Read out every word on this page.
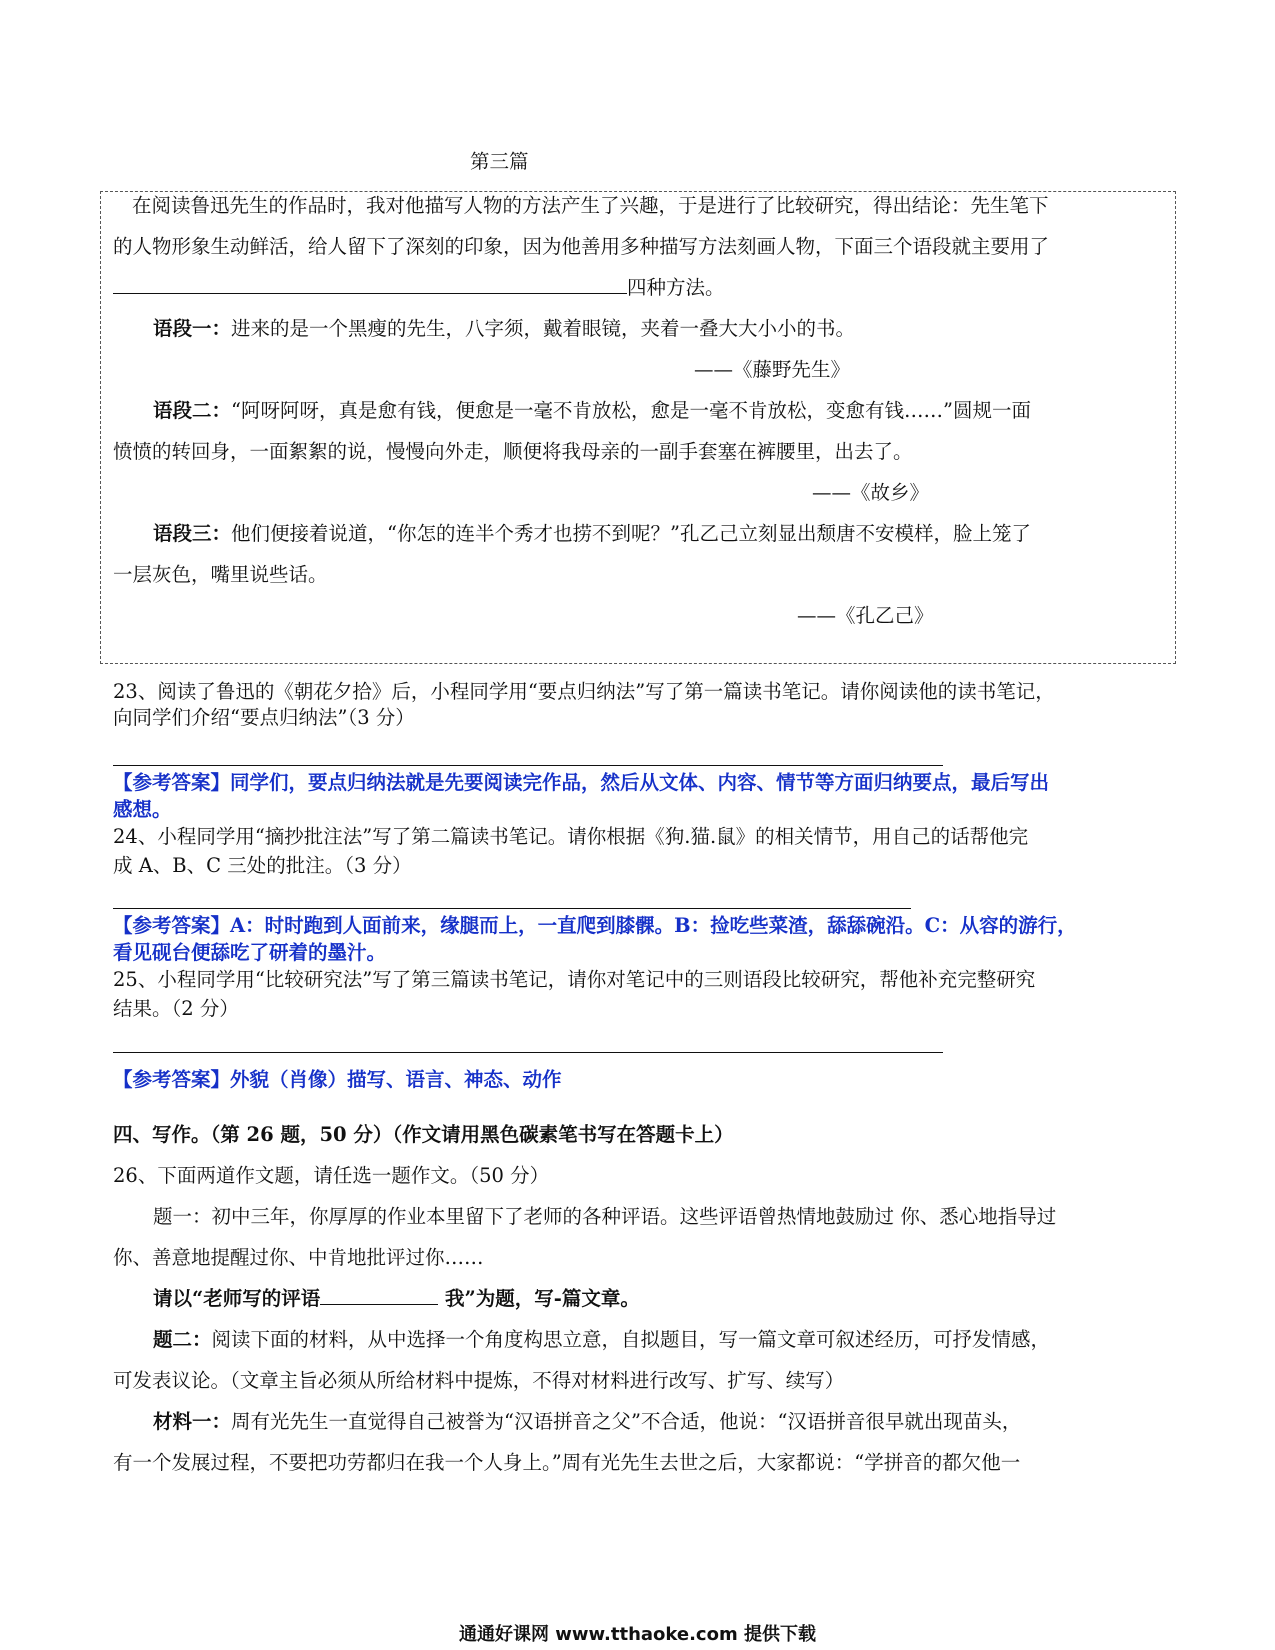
第三篇
在阅读鲁迅先生的作品时，我对他描写人物的方法产生了兴趣，于是进行了比较研究，得出结论：先生笔下
的人物形象生动鲜活，给人留下了深刻的印象，因为他善用多种描写方法刻画人物，下面三个语段就主要用了
四种方法。
语段一：进来的是一个黑瘦的先生，八字须，戴着眼镜，夹着一叠大大小小的书。
——《藤野先生》
语段二：“阿呀阿呀，真是愈有钱，便愈是一毫不肯放松，愈是一毫不肯放松，变愈有钱……”圆规一面
愤愤的转回身，一面絮絮的说，慢慢向外走，顺便将我母亲的一副手套塞在裤腰里，出去了。
——《故乡》
语段三：他们便接着说道，“你怎的连半个秀才也捞不到呢？”孔乙己立刻显出颓唐不安模样，脸上笼了
一层灰色，嘴里说些话。
——《孔乙己》
23、阅读了鲁迅的《朝花夕拾》后，小程同学用“要点归纳法”写了第一篇读书笔记。请你阅读他的读书笔记，
向同学们介绍“要点归纳法”（3 分）
【参考答案】同学们，要点归纳法就是先要阅读完作品，然后从文体、内容、情节等方面归纳要点，最后写出
感想。
24、小程同学用“摘抄批注法”写了第二篇读书笔记。请你根据《狗.猫.鼠》的相关情节，用自己的话帮他完
成 A、B、C 三处的批注。（3 分）
【参考答案】A：时时跑到人面前来，缘腿而上，一直爬到膝髁。B：捡吃些菜渣，舔舔碗沿。C：从容的游行，
看见砚台便舔吃了研着的墨汁。
25、小程同学用“比较研究法”写了第三篇读书笔记，请你对笔记中的三则语段比较研究，帮他补充完整研究
结果。（2 分）
【参考答案】外貌（肖像）描写、语言、神态、动作
四、写作。（第 26 题，50 分）（作文请用黑色碳素笔书写在答题卡上）
26、下面两道作文题，请任选一题作文。（50 分）
题一：初中三年，你厚厚的作业本里留下了老师的各种评语。这些评语曾热情地鼓励过 你、悉心地指导过
你、善意地提醒过你、中肯地批评过你……
请以“老师写的评语	我”为题，写-篇文章。
题二：阅读下面的材料，从中选择一个角度构思立意，自拟题目，写一篇文章可叙述经历，可抒发情感，
可发表议论。（文章主旨必须从所给材料中提炼，不得对材料进行改写、扩写、续写）
材料一：周有光先生一直觉得自己被誉为“汉语拼音之父”不合适，他说：“汉语拼音很早就出现苗头，
有一个发展过程，不要把功劳都归在我一个人身上。”周有光先生去世之后，大家都说：“学拼音的都欠他一
通通好课网 www.tthaoke.com 提供下载
